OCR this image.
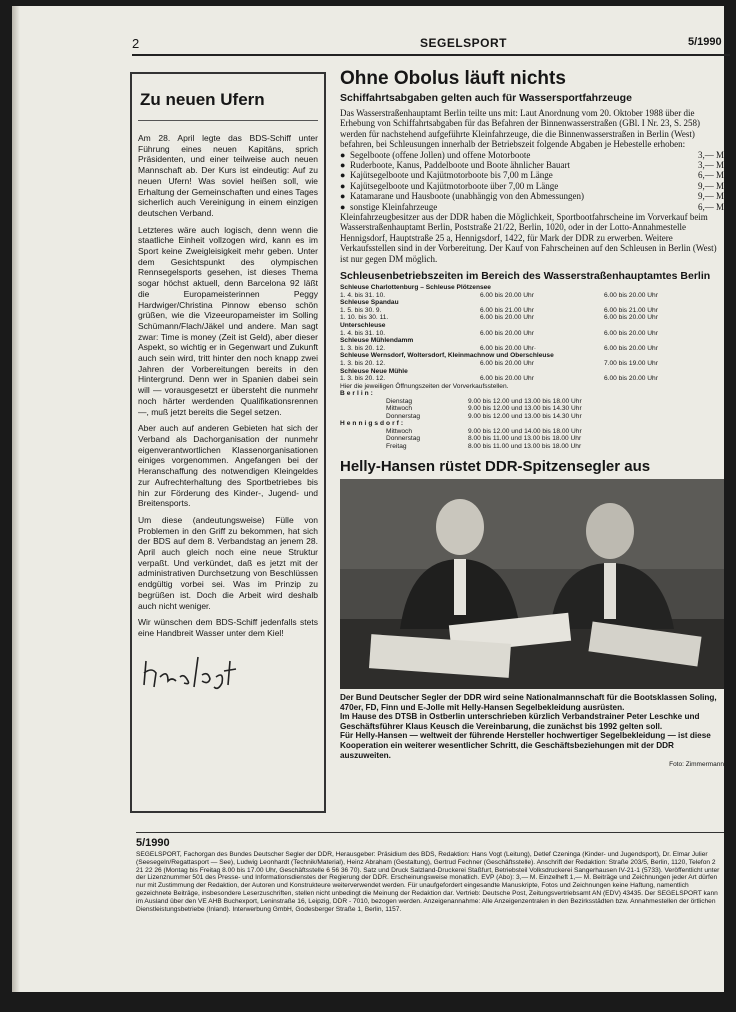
2	SEGELSPORT	5/1990
Zu neuen Ufern

Am 28. April legte das BDS-Schiff unter Führung eines neuen Kapitäns, sprich Präsidenten, und einer teilweise auch neuen Mannschaft ab. Der Kurs ist eindeutig: Auf zu neuen Ufern! Was soviel heißen soll, wie Erhaltung der Gemeinschaften und eines Tages sicherlich auch Vereinigung in einem einzigen deutschen Verband.

Letzteres wäre auch logisch, denn wenn die staatliche Einheit vollzogen wird, kann es im Sport keine Zweigleisigkeit mehr geben. Unter dem Gesichtspunkt des olympischen Rennsegelsports gesehen, ist dieses Thema sogar höchst aktuell, denn Barcelona 92 läßt die Europameisterinnen Peggy Hardwiger/Christina Pinnow ebenso schön grüßen, wie die Vizeeuropameister im Solling Schümann/Flach/Jäkel und andere. Man sagt zwar: Time is money (Zeit ist Geld), aber dieser Aspekt, so wichtig er in Gegenwart und Zukunft auch sein wird, tritt hinter den noch knapp zwei Jahren der Vorbereitungen bereits in den Hintergrund. Denn wer in Spanien dabei sein will — vorausgesetzt er übersteht die nunmehr noch härter werdenden Qualifikationsrennen —, muß jetzt bereits die Segel setzen.

Aber auch auf anderen Gebieten hat sich der Verband als Dachorganisation der nunmehr eigenverantwortlichen Klassenorganisationen einiges vorgenommen. Angefangen bei der Heranschaffung des notwendigen Kleingeldes zur Aufrechterhaltung des Sportbetriebes bis hin zur Förderung des Kinder-, Jugend- und Breitensports.

Um diese (andeutungsweise) Fülle von Problemen in den Griff zu bekommen, hat sich der BDS auf dem 8. Verbandstag an jenem 28. April auch gleich noch eine neue Struktur verpaßt. Und verkündet, daß es jetzt mit der administrativen Durchsetzung von Beschlüssen endgültig vorbei sei. Was im Prinzip zu begrüßen ist. Doch die Arbeit wird deshalb auch nicht weniger.

Wir wünschen dem BDS-Schiff jedenfalls stets eine Handbreit Wasser unter dem Kiel!

Ohne Obolus läuft nichts
Schiffahrtsabgaben gelten auch für Wassersportfahrzeuge

Das Wasserstraßenhauptamt Berlin teilte uns mit: Laut Anordnung vom 20. Oktober 1988 über die Erhebung von Schiffahrtsabgaben für das Befahren der Binnenwasserstraßen (GBl. I Nr. 23, S. 258) werden für nachstehend aufgeführte Kleinfahrzeuge, die die Binnenwasserstraßen in Berlin (West) befahren, bei Schleusungen innerhalb der Betriebszeit folgende Abgaben je Hebestelle erhoben:

● Segelboote (offene Jollen) und offene Motorboote	3,— M
● Ruderboote, Kanus, Paddelboote und Boote ähnlicher Bauart	3,— M
● Kajütsegelboote und Kajütmotorboote bis 7,00 m Länge	6,— M
● Kajütsegelboote und Kajütmotorboote über 7,00 m Länge	9,— M
● Katamarane und Hausboote (unabhängig von den Abmessungen)	9,— M
● sonstige Kleinfahrzeuge	6,— M

Kleinfahrzeugbesitzer aus der DDR haben die Möglichkeit, Sportbootfahrscheine im Vorverkauf beim Wasserstraßenhauptamt Berlin, Poststraße 21/22, Berlin, 1020, oder in der Lotto-Annahmestelle Hennigsdorf, Hauptstraße 25 a, Hennigsdorf, 1422, für Mark der DDR zu erwerben. Weitere Verkaufsstellen sind in der Vorbereitung. Der Kauf von Fahrscheinen auf den Schleusen in Berlin (West) ist nur gegen DM möglich.

Schleusenbetriebszeiten im Bereich des Wasserstraßenhauptamtes Berlin
Schleuse Charlottenburg – Schleuse Plötzensee
1. 4. bis 31. 10.	6.00 bis 20.00 Uhr	6.00 bis 20.00 Uhr
Schleuse Spandau
1. 5. bis 30. 9.	6.00 bis 21.00 Uhr	6.00 bis 21.00 Uhr
1. 10. bis 30. 11.	6.00 bis 20.00 Uhr	6.00 bis 20.00 Uhr
Unterschleuse
1. 4. bis 31. 10.	6.00 bis 20.00 Uhr	6.00 bis 20.00 Uhr
Schleuse Mühlendamm
1. 3. bis 20. 12.	6.00 bis 20.00 Uhr·	6.00 bis 20.00 Uhr
Schleuse Wernsdorf, Woltersdorf, Kleinmachnow und Oberschleuse
1. 3. bis 20. 12.	6.00 bis 20.00 Uhr	7.00 bis 19.00 Uhr
Schleuse Neue Mühle
1. 3. bis 20. 12.	6.00 bis 20.00 Uhr	6.00 bis 20.00 Uhr
Hier die jeweiligen Öffnungszeiten der Vorverkaufsstellen.
Berlin:
Dienstag	9.00 bis 12.00 und 13.00 bis 18.00 Uhr
Mittwoch	9.00 bis 12.00 und 13.00 bis 14.30 Uhr
Donnerstag	9.00 bis 12.00 und 13.00 bis 14.30 Uhr
Hennigsdorf:
Mittwoch	9.00 bis 12.00 und 14.00 bis 18.00 Uhr
Donnerstag	8.00 bis 11.00 und 13.00 bis 18.00 Uhr
Freitag	8.00 bis 11.00 und 13.00 bis 18.00 Uhr
Helly-Hansen rüstet DDR-Spitzensegler aus

Der Bund Deutscher Segler der DDR wird seine Nationalmannschaft für die Bootsklassen Soling, 470er, FD, Finn und E-Jolle mit Helly-Hansen Segelbekleidung ausrüsten.

Im Hause des DTSB in Ostberlin unterschrieben kürzlich Verbandstrainer Peter Leschke und Geschäftsführer Klaus Keusch die Vereinbarung, die zunächst bis 1992 gelten soll.

Für Helly-Hansen — weltweit der führende Hersteller hochwertiger Segelbekleidung — ist diese Kooperation ein weiterer wesentlicher Schritt, die Geschäftsbeziehungen mit der DDR auszuweiten.

Foto: Zimmermann
5/1990

SEGELSPORT, Fachorgan des Bundes Deutscher Segler der DDR, Herausgeber: Präsidium des BDS, Redaktion: Hans Vogt (Leitung), Detlef Czeninga (Kinder- und Jugendsport), Dr. Elmar Julier (Seesegeln/Regattasport — See), Ludwig Leonhardt (Technik/Material), Heinz Abraham (Gestaltung), Gertrud Fechner (Geschäftsstelle). Anschrift der Redaktion: Straße 203/5, Berlin, 1120, Telefon 2 21 22 26 (Montag bis Freitag 8.00 bis 17.00 Uhr, Geschäftsstelle 6 56 36 70). Satz und Druck Salzland-Druckerei Staßfurt, Betriebsteil Volksdruckerei Sangerhausen IV-21-1 (5733). Veröffentlicht unter der Lizenznummer 501 des Presse- und Informationsdienstes der Regierung der DDR. Erscheinungsweise monatlich. EVP (Abo): 3,— M. Einzelheft 1,— M. Beiträge und Zeichnungen jeder Art dürfen nur mit Zustimmung der Redaktion, der Autoren und Konstrukteure weiterverwendet werden. Für unaufgefordert eingesandte Manuskripte, Fotos und Zeichnungen keine Haftung, namentlich gezeichnete Beiträge, insbesondere Leserzuschriften, stellen nicht unbedingt die Meinung der Redaktion dar. Vertrieb: Deutsche Post, Zeitungsvertriebsamt AN (EDV) 43435. Der SEGELSPORT kann im Ausland über den VE AHB Buchexport, Leninstraße 16, Leipzig, DDR - 7010, bezogen werden. Anzeigenannahme: Alle Anzeigenzentralen in den Bezirksstädten bzw. Annahmestellen der örtlichen Dienstleistungsbetriebe (Inland). Interwerbung GmbH, Godesberger Straße 1, Berlin, 1157.
